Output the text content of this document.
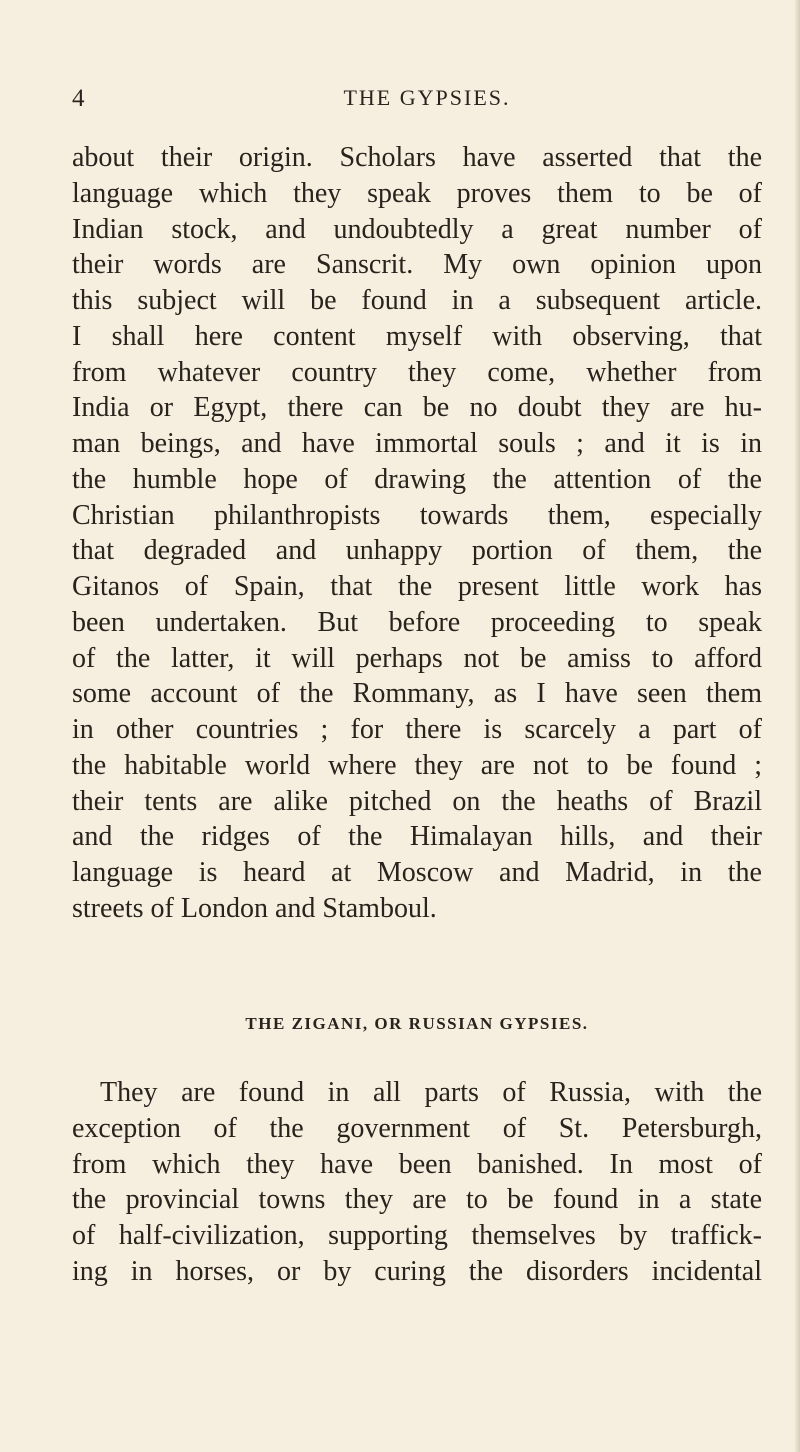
4	THE GYPSIES.
about their origin. Scholars have asserted that the
language which they speak proves them to be of
Indian stock, and undoubtedly a great number of
their words are Sanscrit. My own opinion upon
this subject will be found in a subsequent article.
I shall here content myself with observing, that
from whatever country they come, whether from
India or Egypt, there can be no doubt they are hu-
man beings, and have immortal souls ; and it is in
the humble hope of drawing the attention of the
Christian philanthropists towards them, especially
that degraded and unhappy portion of them, the
Gitanos of Spain, that the present little work has
been undertaken. But before proceeding to speak
of the latter, it will perhaps not be amiss to afford
some account of the Rommany, as I have seen them
in other countries ; for there is scarcely a part of
the habitable world where they are not to be found ;
their tents are alike pitched on the heaths of Brazil
and the ridges of the Himalayan hills, and their
language is heard at Moscow and Madrid, in the
streets of London and Stamboul.
THE ZIGANI, OR RUSSIAN GYPSIES.
They are found in all parts of Russia, with the
exception of the government of St. Petersburgh,
from which they have been banished. In most of
the provincial towns they are to be found in a state
of half-civilization, supporting themselves by traffick-
ing in horses, or by curing the disorders incidental
